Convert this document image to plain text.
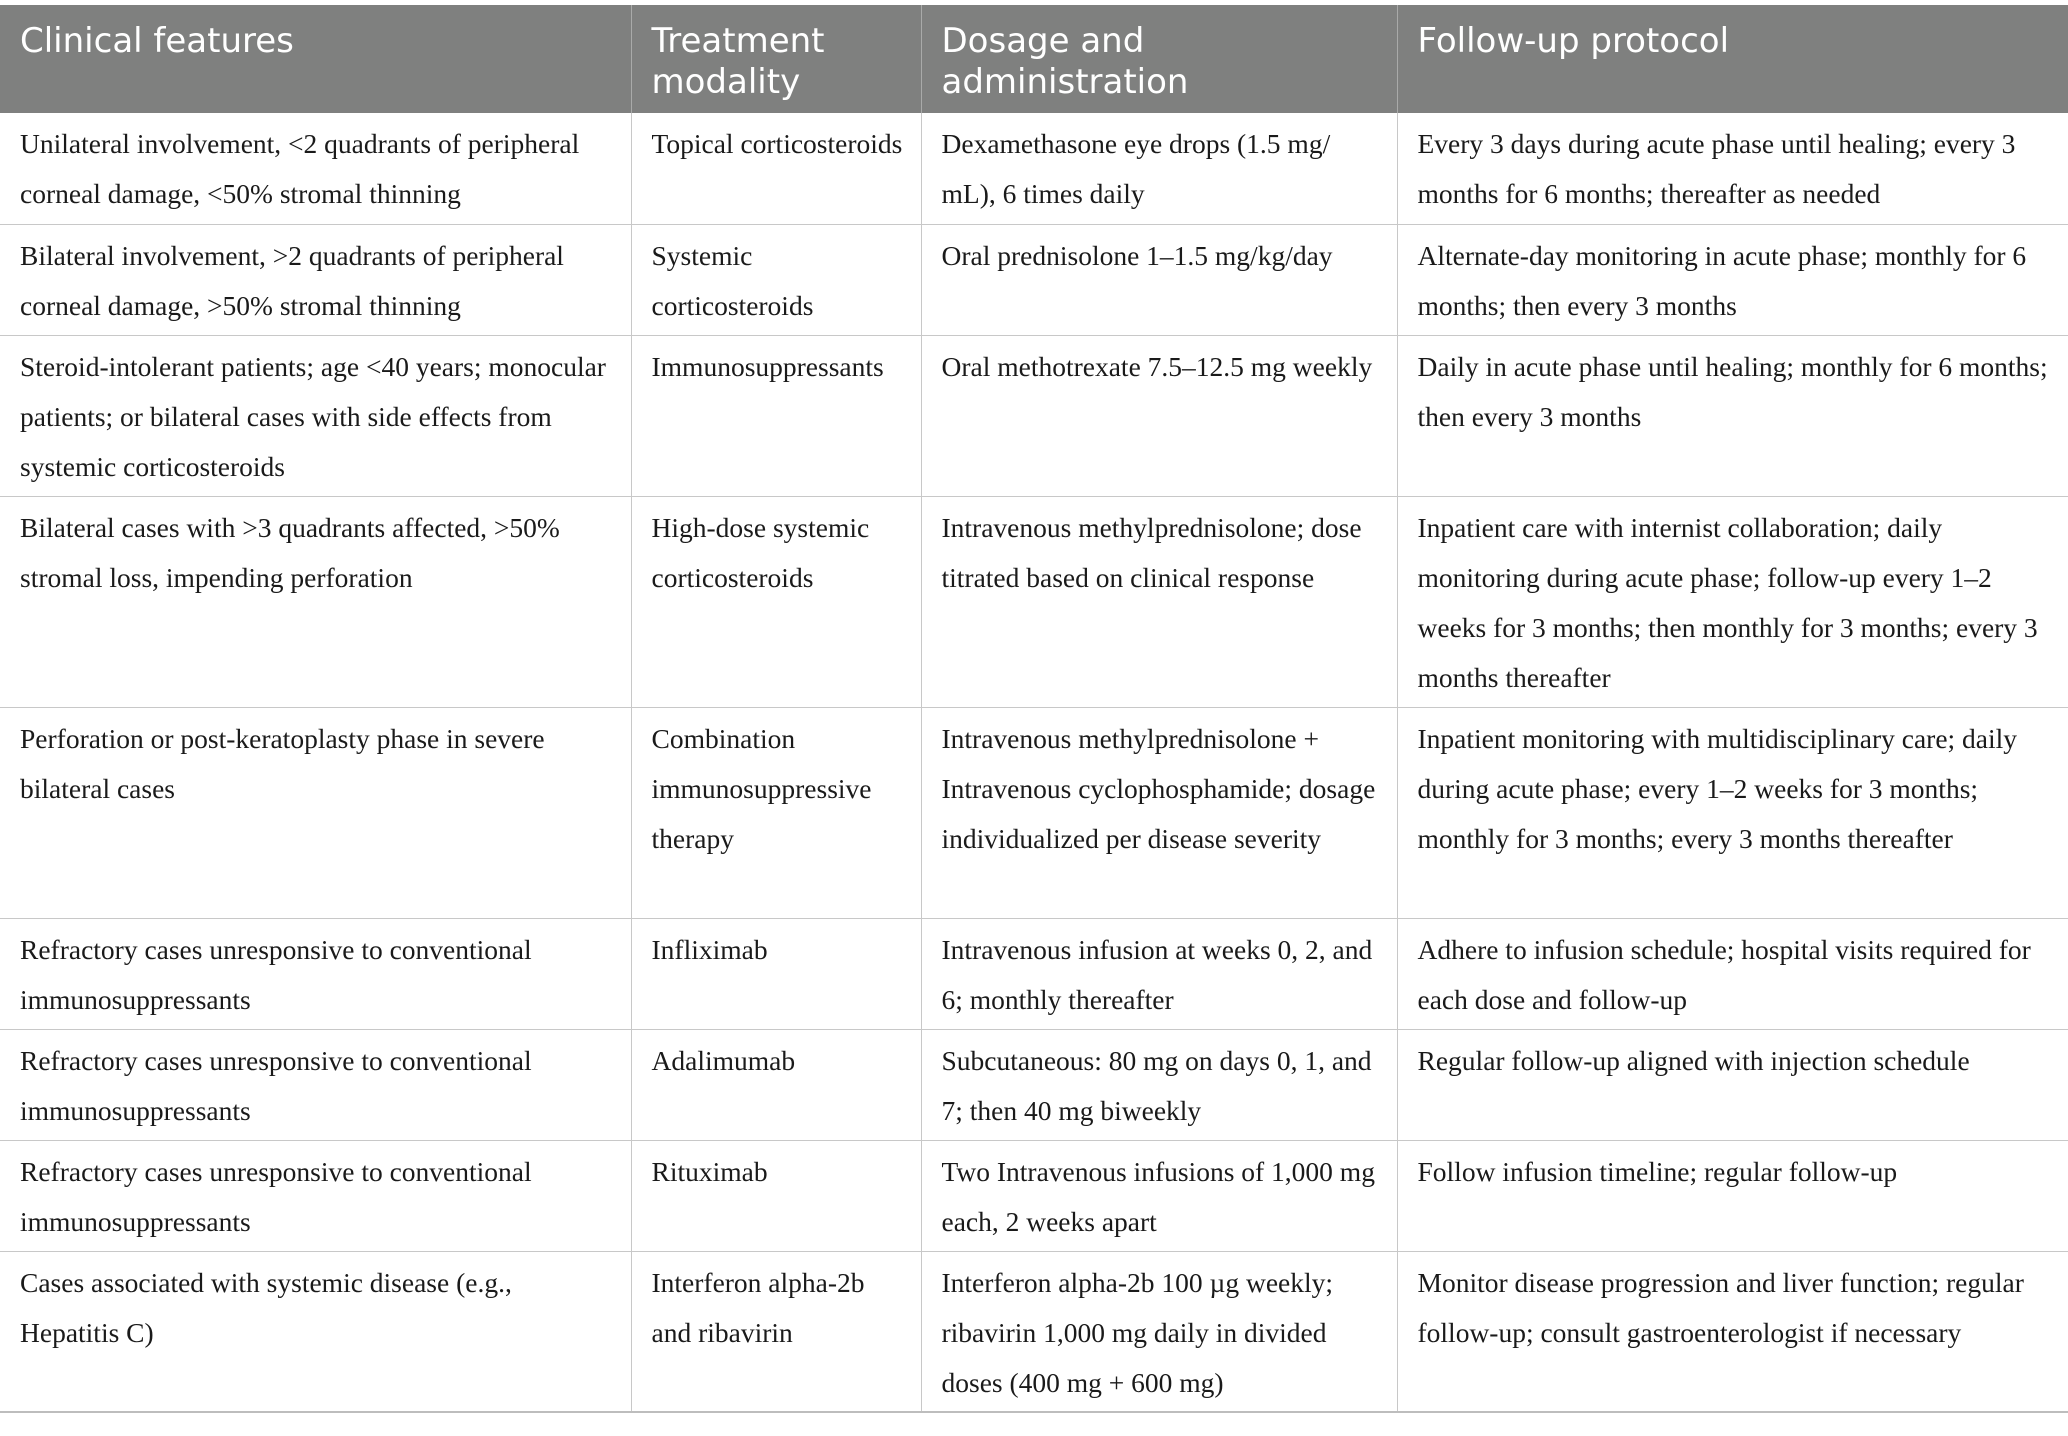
Clinical features	Treatment modality	Dosage and administration	Follow-up protocol
Unilateral involvement, <2 quadrants of peripheral corneal damage, <50% stromal thinning	Topical corticosteroids	Dexamethasone eye drops (1.5 mg/ mL), 6 times daily	Every 3 days during acute phase until healing; every 3 months for 6 months; thereafter as needed
Bilateral involvement, >2 quadrants of peripheral corneal damage, >50% stromal thinning	Systemic corticosteroids	Oral prednisolone 1–1.5 mg/kg/day	Alternate-day monitoring in acute phase; monthly for 6 months; then every 3 months
Steroid-intolerant patients; age <40 years; monocular patients; or bilateral cases with side effects from systemic corticosteroids	Immunosuppressants	Oral methotrexate 7.5–12.5 mg weekly	Daily in acute phase until healing; monthly for 6 months; then every 3 months
Bilateral cases with >3 quadrants affected, >50% stromal loss, impending perforation	High-dose systemic corticosteroids	Intravenous methylprednisolone; dose titrated based on clinical response	Inpatient care with internist collaboration; daily monitoring during acute phase; follow-up every 1–2 weeks for 3 months; then monthly for 3 months; every 3 months thereafter
Perforation or post-keratoplasty phase in severe bilateral cases	Combination immunosuppressive therapy	Intravenous methylprednisolone + Intravenous cyclophosphamide; dosage individualized per disease severity	Inpatient monitoring with multidisciplinary care; daily during acute phase; every 1–2 weeks for 3 months; monthly for 3 months; every 3 months thereafter
Refractory cases unresponsive to conventional immunosuppressants	Infliximab	Intravenous infusion at weeks 0, 2, and 6; monthly thereafter	Adhere to infusion schedule; hospital visits required for each dose and follow-up
Refractory cases unresponsive to conventional immunosuppressants	Adalimumab	Subcutaneous: 80 mg on days 0, 1, and 7; then 40 mg biweekly	Regular follow-up aligned with injection schedule
Refractory cases unresponsive to conventional immunosuppressants	Rituximab	Two Intravenous infusions of 1,000 mg each, 2 weeks apart	Follow infusion timeline; regular follow-up
Cases associated with systemic disease (e.g., Hepatitis C)	Interferon alpha-2b and ribavirin	Interferon alpha-2b 100 µg weekly; ribavirin 1,000 mg daily in divided doses (400 mg + 600 mg)	Monitor disease progression and liver function; regular follow-up; consult gastroenterologist if necessary
